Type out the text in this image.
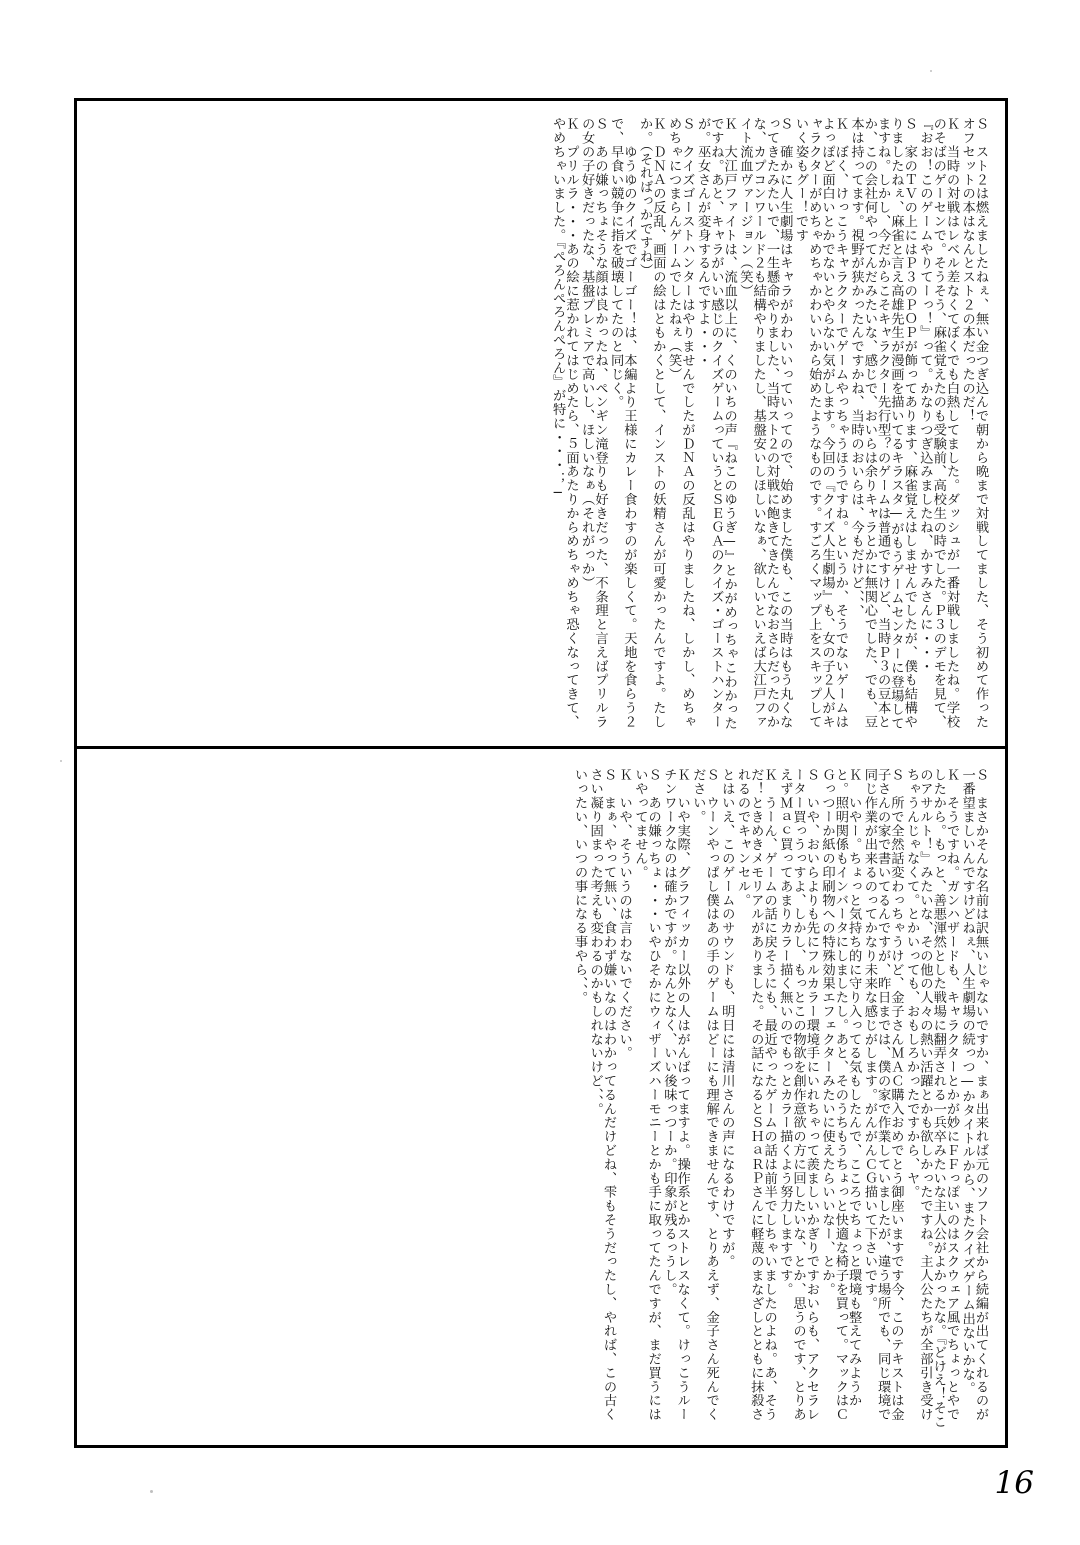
Ｓ　スト２は燃えましたねぇ、無い金つぎ込んで朝から晩まで対戦してました、そう初めて作ったオフセットの本はなんとスト２の本だったのだ！
Ｋ　当時の対戦はレベル差なくてぼくでも白熱してました。ダッシュが一番対戦しましたね。学校のそばのゲーセンで。そうそう、麻雀覚えたのも受験前、高校生の時でした。Ｐ３のデモを見て、『おお！このゲームやりてーっ！』って。かなりつぎ込みましたね、かすみさんに・・・
Ｓ　家のＴＶの上にはＰ３のＰＯＰが飾ってあります、麻雀覚えはしませんでしたが、僕も結構やりましたねぇ、麻雀と言え高雄先生が漫画を描いてるキラスタ—がもうゲームセンターに登場してますね。しかし、今だからこそキャラクター先行型？のゲームは普通ですけど、当時Ｐ３の豆本とか、この会社何やってんだみたいな、感じで、おいらは余りキャラとかに無関心でした、でも、豆本は持ってます。視野が狭かったんですかね、当時のおいらは、今もだけど、、、
Ｋ　ぼく、けっこうキャラクターでゲームやっちゃうほうですね。というか、そうでないゲームはよっぽど面白いとかでないとやらない気がします。今回の『クイズ人生劇場』も、女の子２人がキャラクターがめちゃめちゃかわいいから始めたようなものです。すごろくマップ上をスキップしていく姿もグー！です
Ｓ　確かに人生劇場はキャラがかわいいっていってので、始めました僕も、この当時はもう丸くなってきたみたいで、一生懸命やりました、当時スト２の対戦に飽きてきたんでなおさらだったのかな、カプコンワールド２も結構やりましたし、基盤安いしほしいなぁ、欲しいといえば大江戸ファイト流血ヴァージョン（笑）
Ｋ　大江戸ファイトは、流血以上に、くのいちの声『ねこのゆうぎ—』とかがめっちゃこわかったですね。あと、キャラがいい感じのクイズゲームっていうとＳＥＧＡのクイズ・ゴーストハンターが。巫女さんが変身するんですよ・・・
Ｓ　クイズゴーストハンターはやりませんでしたがＤＮＡの反乱はやりましたね、しかし、めちゃめちゃにつまらんゲームでしたねぇ（笑）
Ｋ　ＤＮＡの反乱、画面の絵はともかくとして、インストの妖精さんが可愛かったんですよ。たしか。（そればっかですね）
　　ゆうゆのクイズでゴーゴー！は、本編より王様にカレー食わすのが楽しくて。天地を食らう２で、早食い競争に指を破壊してたのと同じく。
Ｓ　あの嫌っちょそうな顔は良かったね、ペンギン滝登りも好きだった、不条理と言えばプリルラの女の子好きだったな、基盤プレミアで高いし、ほしいなぁ（それがっか）
Ｋ　プリルラ・・・あの絵に惹かれてはじめたら、５面あたりからめちゃめちゃ恐くなってきて、やめちゃいました。『ぺろんぺろんぺろん』が特に・・・；−
Ｓ　まさかそんな名前は訳無いじゃないですか、まぁ出来れば元のソフト会社から続編が出てくれるのが一番望ましいんですけどねぇ、人生劇場の続っつ—かタイトルから、またクイズゲーム出ないかな。
Ｋ　そうですね。ガンハザードも、キャラクターとかが妙にＦＦっぽいのはスクウェア風でちょっとやでしたから。もっと、善悪渾然とした戦場に翻弄される一兵卒みたいな主人公がよかったな。『どけえ！そこのアサルト！』みたいな、その他の人々の熱い活躍とかも欲しかったですね。主人公たちが全部引き受けちゃうんじゃなくて。とかいっても、おもしろかったですから、ヤ。
Ｓ　所で全然話変わっちゃうけど、金子さんＭＡＣ購入おめでとう御座いますです今、このテキストは金子さんの家で書いてるんですが、昨日までは、僕の家で作業していましたが、違う場所でも、同じ環境で同じ作業が出来るのってかなり未来な感じがします。がんがんＣＧ描いて下さいです。
Ｋ　いやー。ちょっと気持ち的に守り入ってる気もしたんで、こころでちょっと環境も整えてみようかと。照明関係もインバータにしましたし。あと、そのうちもうちょっと快適な椅子を買って。マックはＣＧっつーか紙の印刷物への特殊効果エフェクターみたいに使えたらいいなー、とか。
Ｓ　いや、おいらよりも先にフルカラー環境手にいれちゃって羨ましいかぎりですおいらも、アクセラレーター買っうっすよ、しかし、もっとこの物欲を創作意欲の方に回したいな、とか、思うのです、とりあえずＭａｃ買ってあまりカラー描く無いのでもっとカラー描くよう努力しますです。
Ｋ　うーん、ゲームの話に戻そうにも、最近やったゲームの話は前半でしちゃいましたのよね。あ、そうだ！ときめきメモリアルがありました。その話になるとＳＨａＲＰさんに軽蔑のまなざしとともに抹殺されるのでキャンセル。
とはいえ、このゲームのサウンドも、明日には清川さんの声になるわけですが。
Ｓ　ウーンやっぱし僕はあの手のゲームはどーにも理解できませんです、とりあえず、金子さん死んでください。
Ｋ　いや実際、グラフィッカー以外の人はがんばってますよ。操作系とかストレスなくて。けっこうルーチンワークなのは確かですが。なんとなく、いい後味っつーか。印象が残るっうし。
Ｓ　あの嫌っちょ・・・いやひそかにウィザーズハーモニーとかも手に取ってたんですが、まだ買うにはいやってません。
Ｋ　いや、そういうのは言わないでください。
Ｓ　まぁ、やって無い、食わず嫌いなのはわかってるんだけどね、雫もそうだったし、やれば、この古くさい凝り固まった考えも変わるのかもしれないけど、、。
いったい、いつの事になる事やら、、。
16
